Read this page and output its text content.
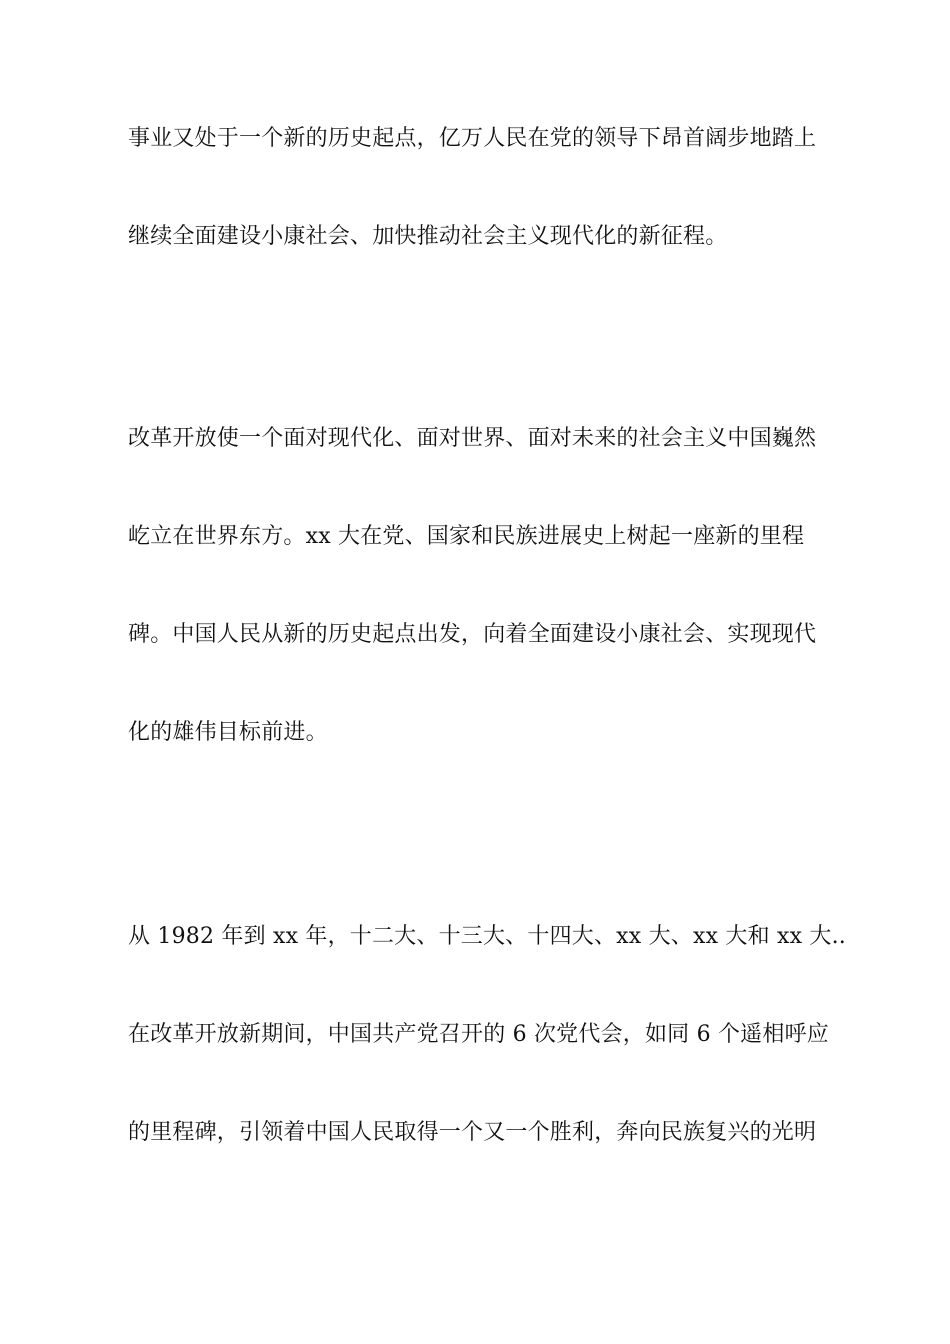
事业又处于一个新的历史起点，亿万人民在党的领导下昂首阔步地踏上
继续全面建设小康社会、加快推动社会主义现代化的新征程。
改革开放使一个面对现代化、面对世界、面对未来的社会主义中国巍然
屹立在世界东方。xx 大在党、国家和民族进展史上树起一座新的里程
碑。中国人民从新的历史起点出发，向着全面建设小康社会、实现现代
化的雄伟目标前进。
从 1982 年到 xx 年，十二大、十三大、十四大、xx 大、xx 大和 xx 大..
在改革开放新期间，中国共产党召开的 6 次党代会，如同 6 个遥相呼应
的里程碑，引领着中国人民取得一个又一个胜利，奔向民族复兴的光明
